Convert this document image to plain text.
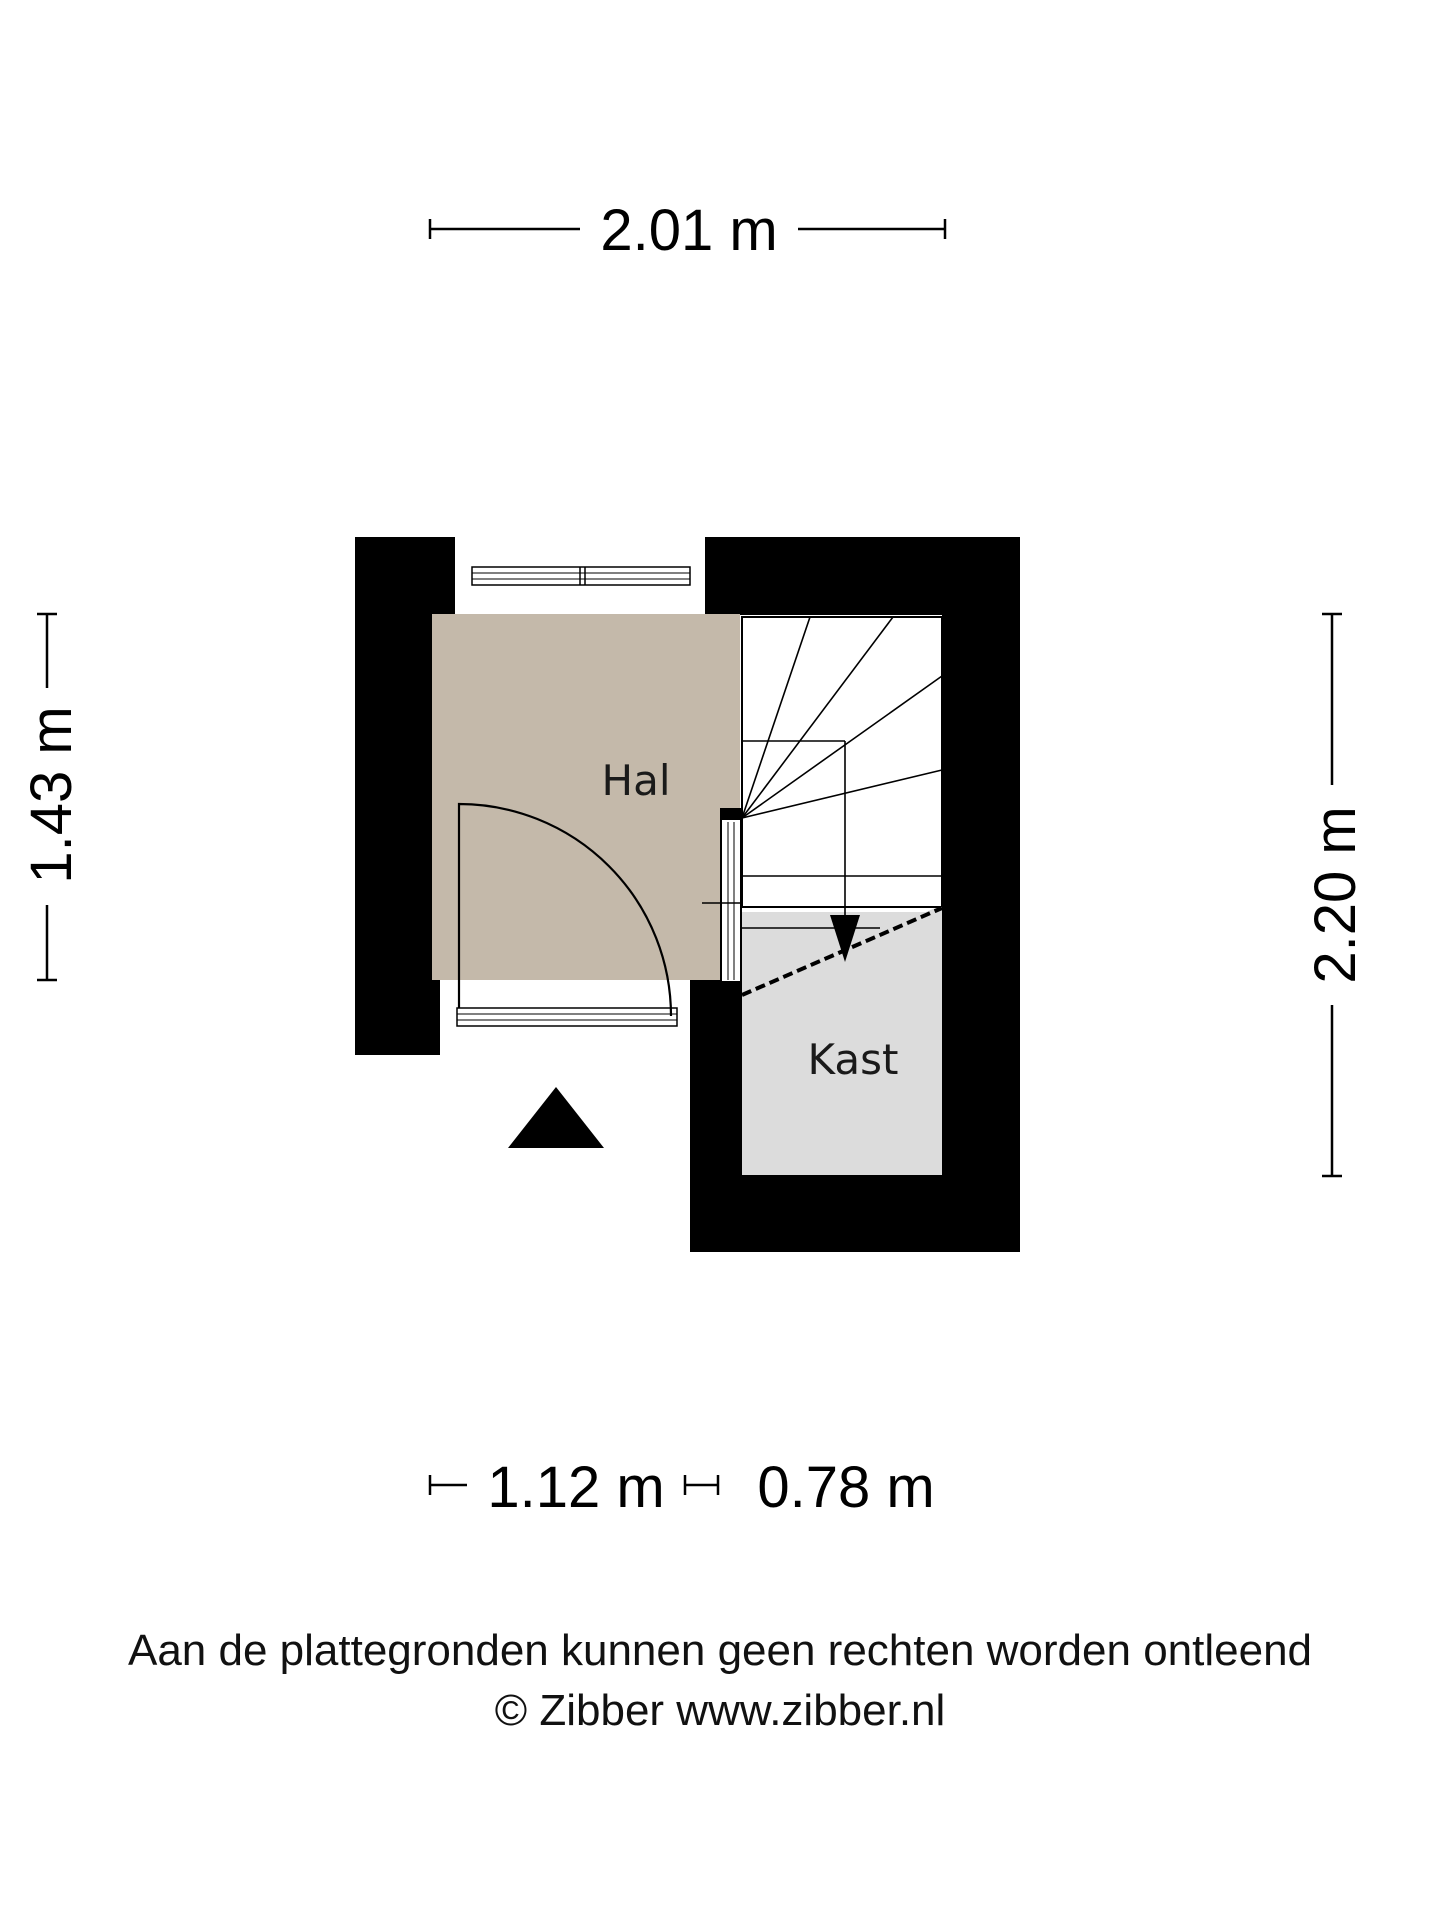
2.01 m
1.43 m
2.20 m
1.12 m 0.78 m
Hal
Kast
Aan de plattegronden kunnen geen rechten worden ontleend
© Zibber www.zibber.nl
